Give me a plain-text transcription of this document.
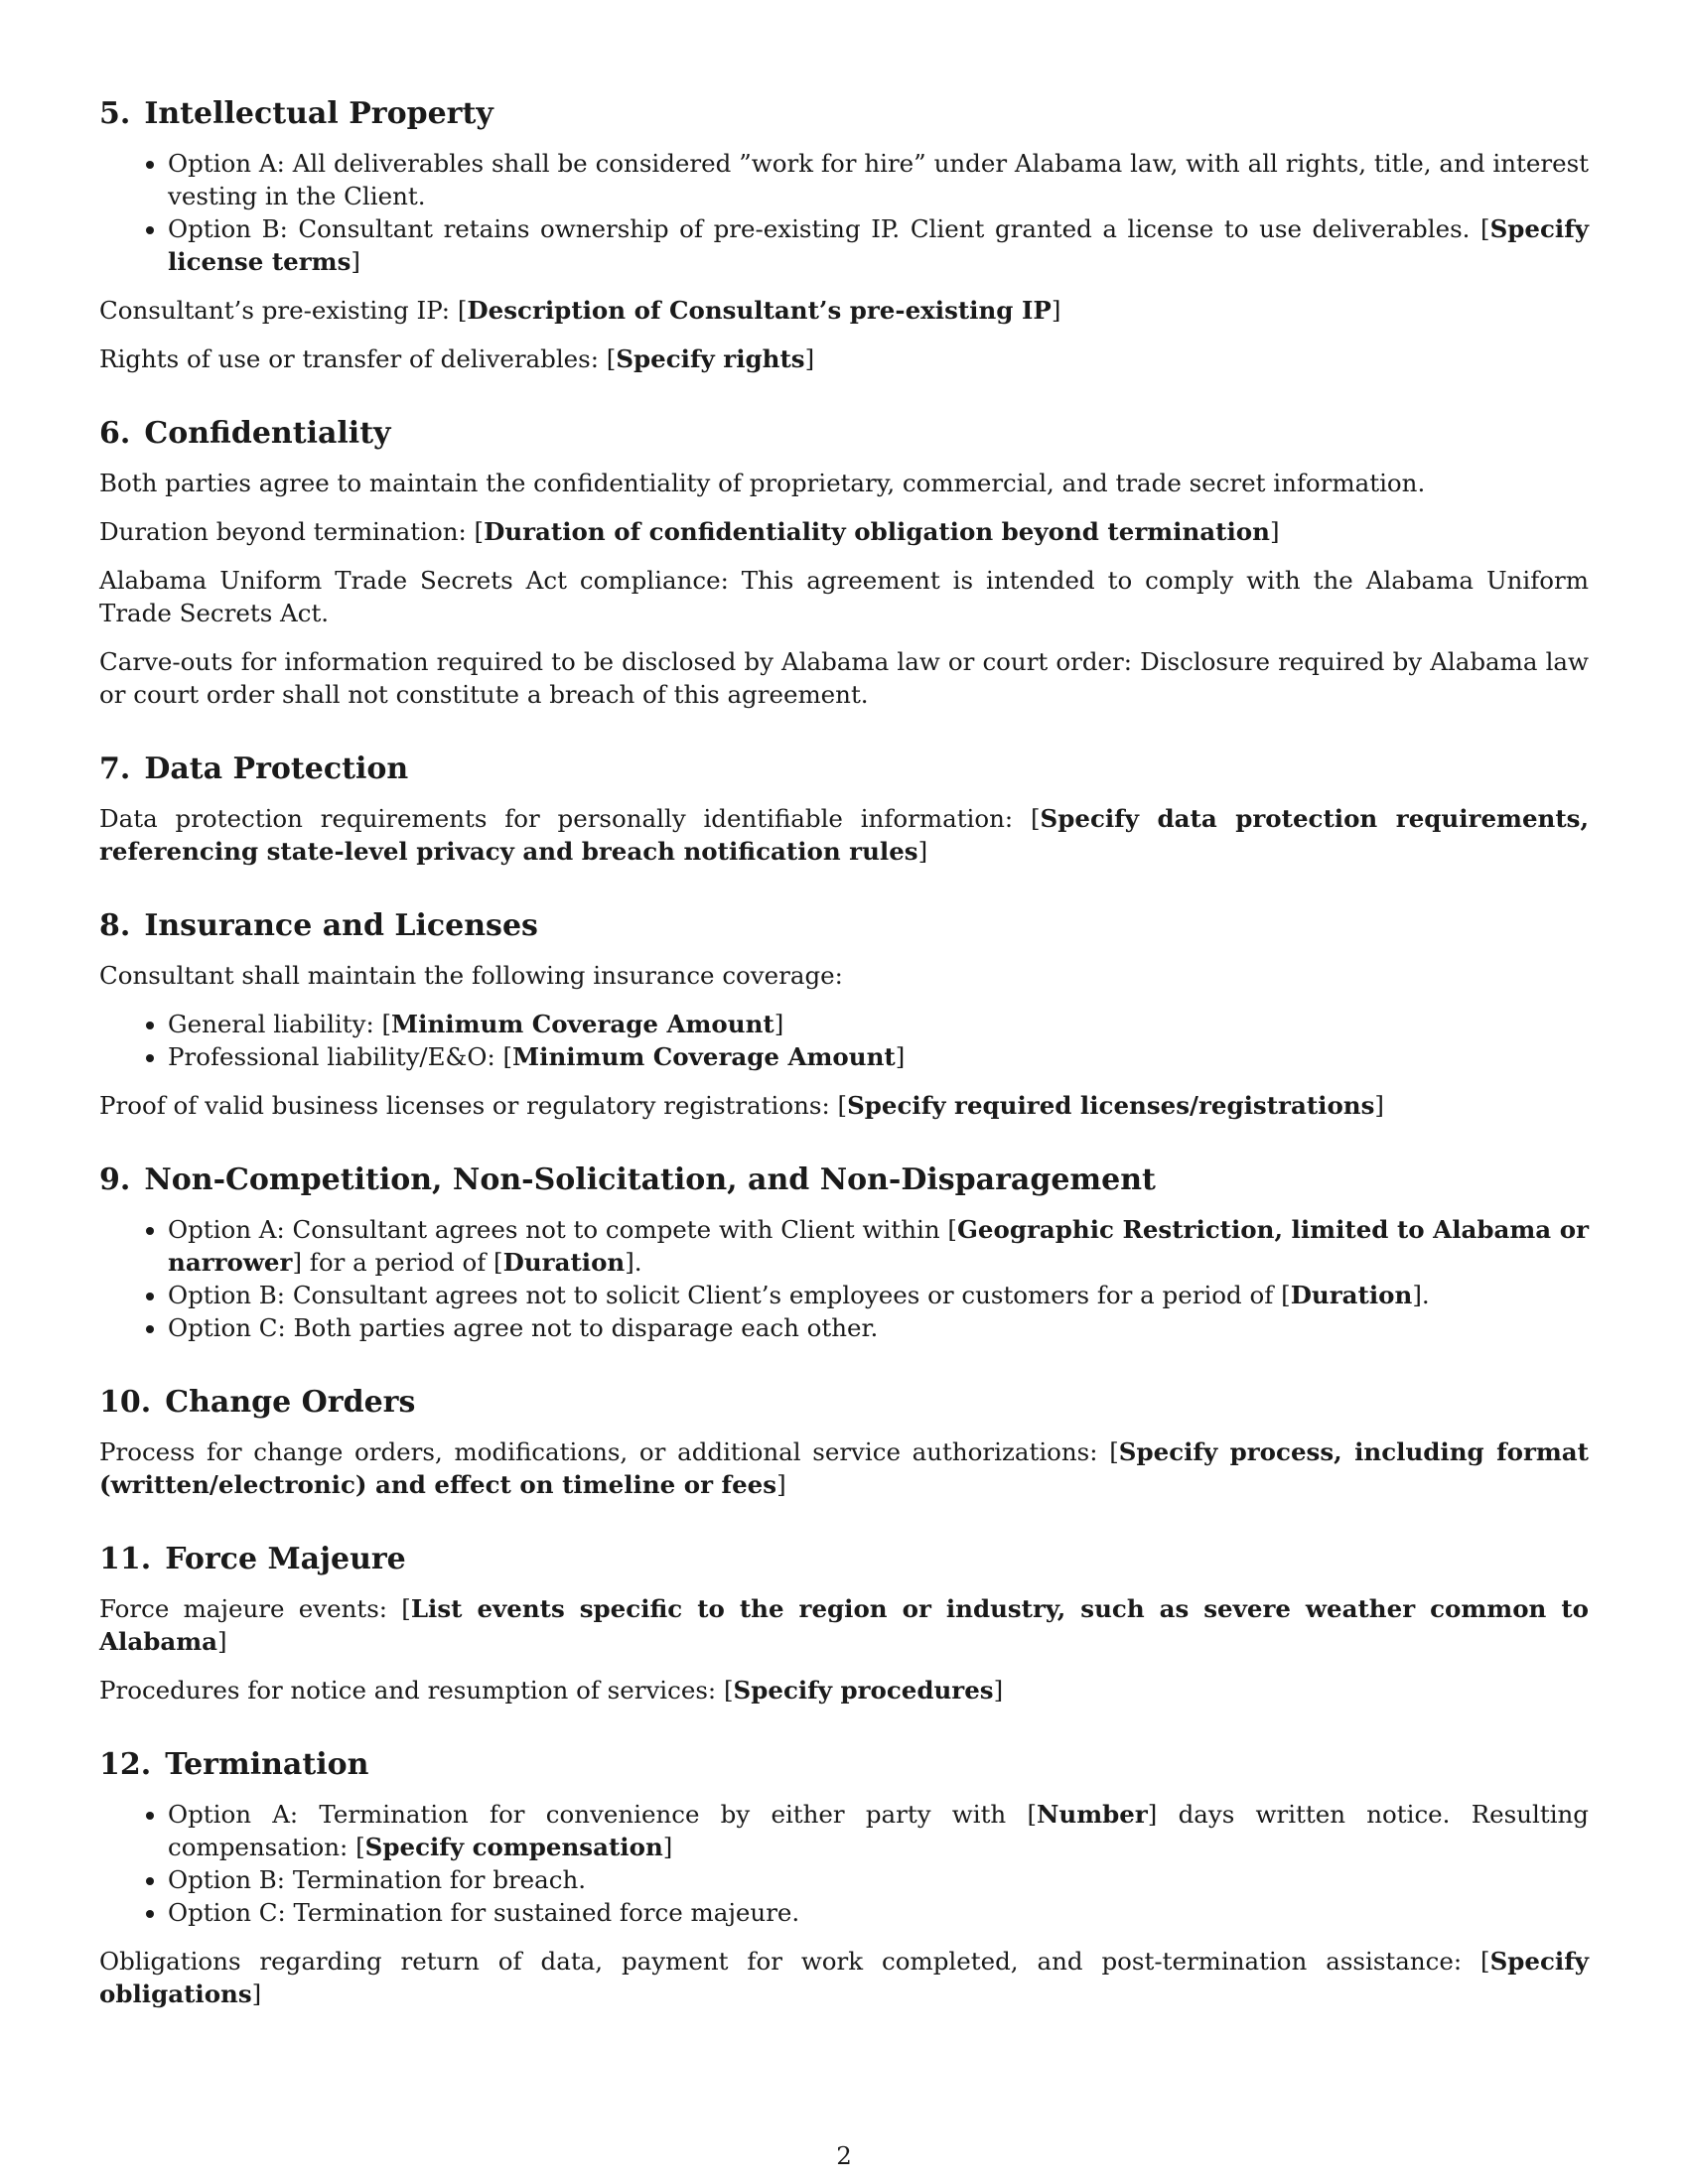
5. Intellectual Property
• Option A: All deliverables shall be considered ”work for hire” under Alabama law, with all rights, title, and interest vesting in the Client.
• Option B: Consultant retains ownership of pre-existing IP. Client granted a license to use deliverables. [Specify license terms]

Consultant’s pre-existing IP: [Description of Consultant’s pre-existing IP]

Rights of use or transfer of deliverables: [Specify rights]

6. Confidentiality

Both parties agree to maintain the confidentiality of proprietary, commercial, and trade secret information.

Duration beyond termination: [Duration of confidentiality obligation beyond termination]

Alabama Uniform Trade Secrets Act compliance: This agreement is intended to comply with the Alabama Uniform Trade Secrets Act.

Carve-outs for information required to be disclosed by Alabama law or court order: Disclosure required by Alabama law or court order shall not constitute a breach of this agreement.

7. Data Protection

Data protection requirements for personally identifiable information: [Specify data protection requirements, referencing state-level privacy and breach notification rules]

8. Insurance and Licenses

Consultant shall maintain the following insurance coverage:

• General liability: [Minimum Coverage Amount]
• Professional liability/E&O: [Minimum Coverage Amount]

Proof of valid business licenses or regulatory registrations: [Specify required licenses/registrations]

9. Non-Competition, Non-Solicitation, and Non-Disparagement
• Option A: Consultant agrees not to compete with Client within [Geographic Restriction, limited to Alabama or narrower] for a period of [Duration].
• Option B: Consultant agrees not to solicit Client’s employees or customers for a period of [Duration].
• Option C: Both parties agree not to disparage each other.
10. Change Orders

Process for change orders, modifications, or additional service authorizations: [Specify process, including format (written/electronic) and effect on timeline or fees]

11. Force Majeure

Force majeure events: [List events specific to the region or industry, such as severe weather common to Alabama]

Procedures for notice and resumption of services: [Specify procedures]

12. Termination
• Option A: Termination for convenience by either party with [Number] days written notice. Resulting compensation: [Specify compensation]
• Option B: Termination for breach.
• Option C: Termination for sustained force majeure.

Obligations regarding return of data, payment for work completed, and post-termination assistance: [Specify obligations]

2
